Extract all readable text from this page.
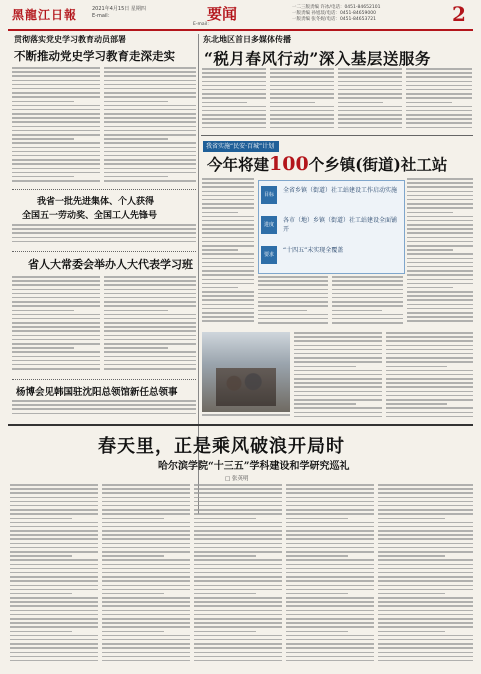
黑龍江日報	2021年4月15日 星期四
E-mail：	要闻
E-mail：
一二三版责编 许冰/电话：0451-84652101
一版责编 孙旭琰/电话：0451-84659000
一版责编 张冬妮/电话：0451-84653721	2
贯彻落实党史学习教育动员部署
不断推动党史学习教育走深走实
东北地区首日多媒体传播
“税月春风行动”深入基层送服务
我省一批先进集体、个人获得
全国五一劳动奖、全国工人先锋号
省人大常委会举办人大代表学习班
杨博会见韩国驻沈阳总领馆新任总领事
我省实施“民安·百城”计划
今年将建100个乡镇(街道)社工站
目标
全省乡镇（街道）社工站建设工作启动实施
进度
各市（地）乡镇（街道）社工站建设全面铺开
要求
“十四五”末实现全覆盖
春天里，正是乘风破浪开局时
哈尔滨学院“十三五”学科建设和学研究巡礼
□ 张英明
